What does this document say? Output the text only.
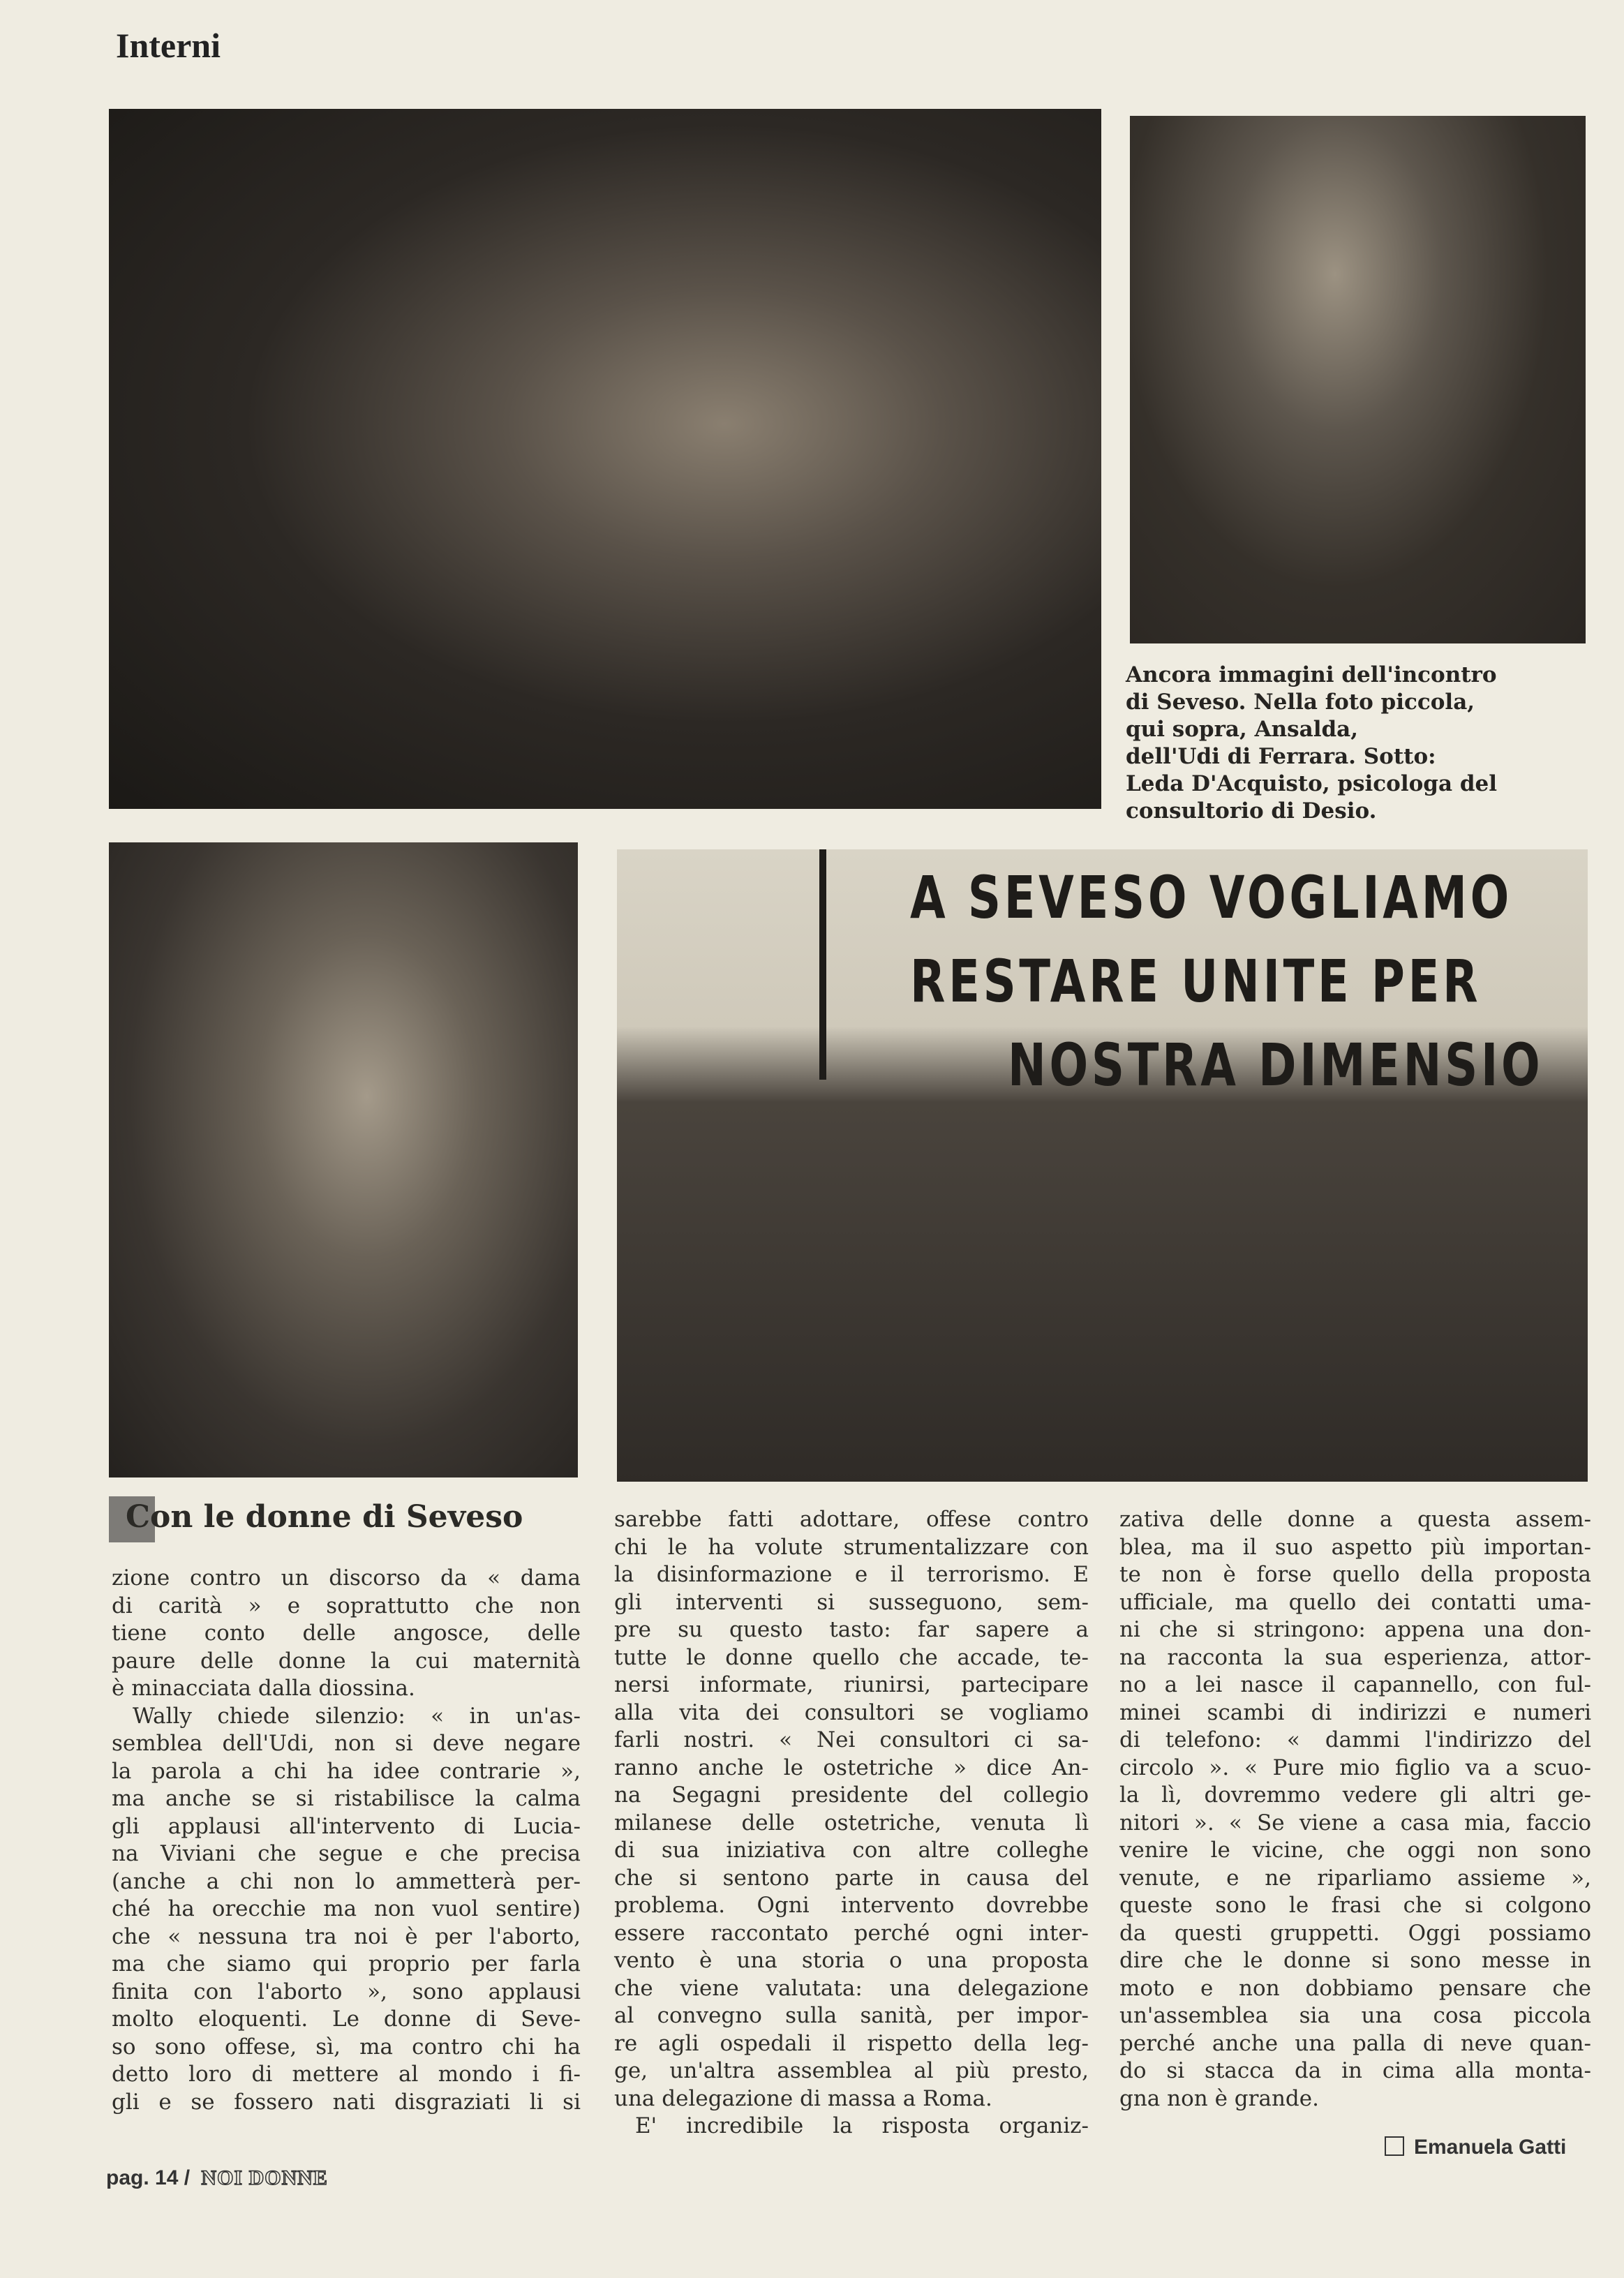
Interni
Ancora immagini dell'incontro
di Seveso. Nella foto piccola,
qui sopra, Ansalda,
dell'Udi di Ferrara. Sotto:
Leda D'Acquisto, psicologa del
consultorio di Desio.
A SEVESO VOGLIAMO
RESTARE UNITE PER
NOSTRA DIMENSIO
Con le donne di Seveso
zione contro un discorso da « dama
di carità » e soprattutto che non
tiene conto delle angosce, delle
paure delle donne la cui maternità
è minacciata dalla diossina.
Wally chiede silenzio: « in un'as-
semblea dell'Udi, non si deve negare
la parola a chi ha idee contrarie »,
ma anche se si ristabilisce la calma
gli applausi all'intervento di Lucia-
na Viviani che segue e che precisa
(anche a chi non lo ammetterà per-
ché ha orecchie ma non vuol sentire)
che « nessuna tra noi è per l'aborto,
ma che siamo qui proprio per farla
finita con l'aborto », sono applausi
molto eloquenti. Le donne di Seve-
so sono offese, sì, ma contro chi ha
detto loro di mettere al mondo i fi-
gli e se fossero nati disgraziati li si
sarebbe fatti adottare, offese contro
chi le ha volute strumentalizzare con
la disinformazione e il terrorismo. E
gli interventi si susseguono, sem-
pre su questo tasto: far sapere a
tutte le donne quello che accade, te-
nersi informate, riunirsi, partecipare
alla vita dei consultori se vogliamo
farli nostri. « Nei consultori ci sa-
ranno anche le ostetriche » dice An-
na Segagni presidente del collegio
milanese delle ostetriche, venuta lì
di sua iniziativa con altre colleghe
che si sentono parte in causa del
problema. Ogni intervento dovrebbe
essere raccontato perché ogni inter-
vento è una storia o una proposta
che viene valutata: una delegazione
al convegno sulla sanità, per impor-
re agli ospedali il rispetto della leg-
ge, un'altra assemblea al più presto,
una delegazione di massa a Roma.
E' incredibile la risposta organiz-
zativa delle donne a questa assem-
blea, ma il suo aspetto più importan-
te non è forse quello della proposta
ufficiale, ma quello dei contatti uma-
ni che si stringono: appena una don-
na racconta la sua esperienza, attor-
no a lei nasce il capannello, con ful-
minei scambi di indirizzi e numeri
di telefono: « dammi l'indirizzo del
circolo ». « Pure mio figlio va a scuo-
la lì, dovremmo vedere gli altri ge-
nitori ». « Se viene a casa mia, faccio
venire le vicine, che oggi non sono
venute, e ne riparliamo assieme »,
queste sono le frasi che si colgono
da questi gruppetti. Oggi possiamo
dire che le donne si sono messe in
moto e non dobbiamo pensare che
un'assemblea sia una cosa piccola
perché anche una palla di neve quan-
do si stacca da in cima alla monta-
gna non è grande.
Emanuela Gatti
pag. 14 / NOI DONNE
